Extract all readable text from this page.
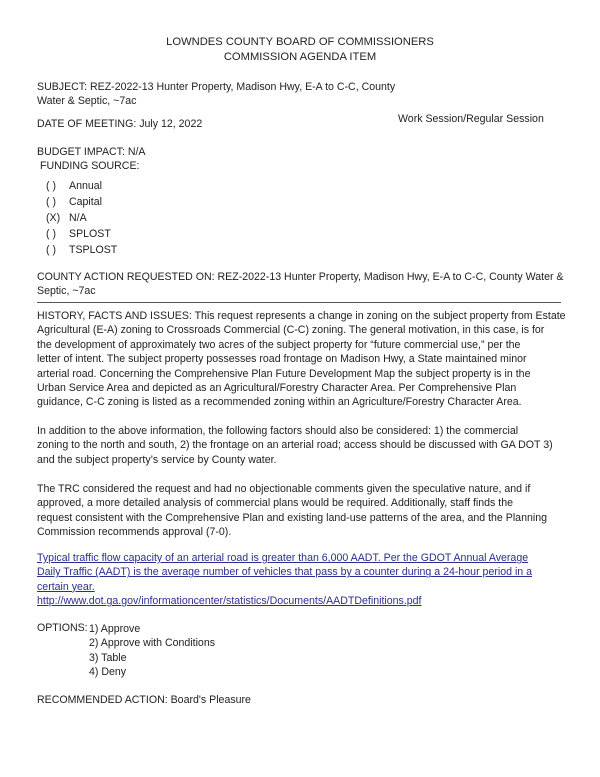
LOWNDES COUNTY BOARD OF COMMISSIONERS
COMMISSION AGENDA ITEM
SUBJECT: REZ-2022-13 Hunter Property, Madison Hwy, E-A to C-C, County
Water & Septic, ~7ac
DATE OF MEETING: July 12, 2022	Work Session/Regular Session
BUDGET IMPACT: N/A
FUNDING SOURCE:
( ) Annual
( ) Capital
(X) N/A
( ) SPLOST
( ) TSPLOST
COUNTY ACTION REQUESTED ON: REZ-2022-13 Hunter Property, Madison Hwy, E-A to C-C, County Water &
Septic, ~7ac
HISTORY, FACTS AND ISSUES: This request represents a change in zoning on the subject property from Estate
Agricultural (E-A) zoning to Crossroads Commercial (C-C) zoning. The general motivation, in this case, is for
the development of approximately two acres of the subject property for “future commercial use,” per the
letter of intent. The subject property possesses road frontage on Madison Hwy, a State maintained minor
arterial road. Concerning the Comprehensive Plan Future Development Map the subject property is in the
Urban Service Area and depicted as an Agricultural/Forestry Character Area. Per Comprehensive Plan
guidance, C-C zoning is listed as a recommended zoning within an Agriculture/Forestry Character Area.
In addition to the above information, the following factors should also be considered: 1) the commercial
zoning to the north and south, 2) the frontage on an arterial road; access should be discussed with GA DOT 3)
and the subject property’s service by County water.
The TRC considered the request and had no objectionable comments given the speculative nature, and if
approved, a more detailed analysis of commercial plans would be required. Additionally, staff finds the
request consistent with the Comprehensive Plan and existing land-use patterns of the area, and the Planning
Commission recommends approval (7-0).
Typical traffic flow capacity of an arterial road is greater than 6,000 AADT. Per the GDOT Annual Average
Daily Traffic (AADT) is the average number of vehicles that pass by a counter during a 24-hour period in a
certain year.
http://www.dot.ga.gov/informationcenter/statistics/Documents/AADTDefinitions.pdf
OPTIONS: 1) Approve
2) Approve with Conditions
3) Table
4) Deny
RECOMMENDED ACTION: Board's Pleasure
